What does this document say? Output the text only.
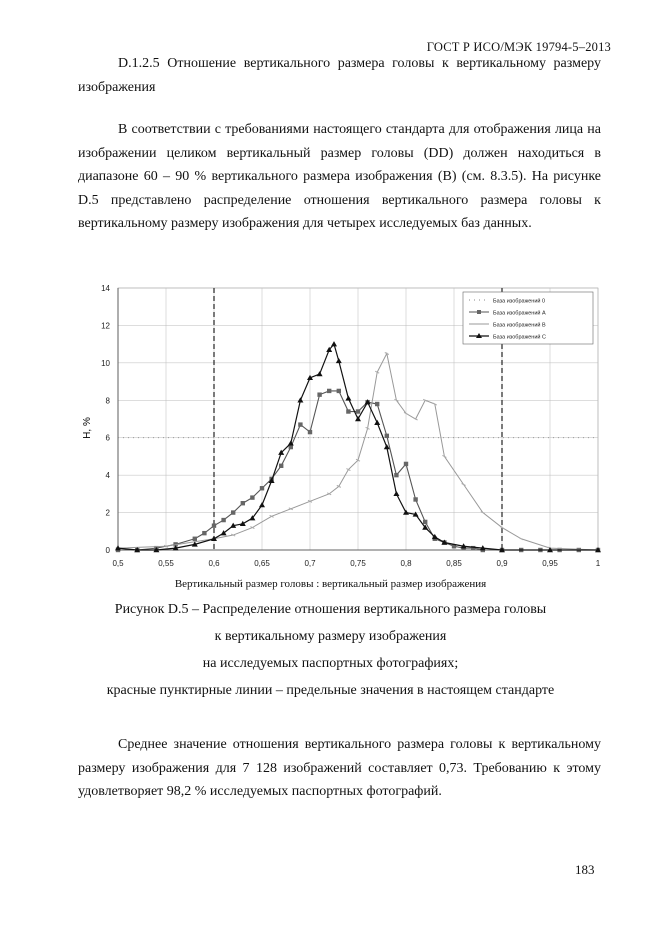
ГОСТ Р ИСО/МЭК 19794-5–2013
D.1.2.5 Отношение вертикального размера головы к вертикальному размеру изображения
В соответствии с требованиями настоящего стандарта для отображения лица на изображении целиком вертикальный размер головы (DD) должен находиться в диапазоне 60 – 90 % вертикального размера изображения (B) (см. 8.3.5). На рисунке D.5 представлено распределение отношения вертикального размера головы к вертикальному размеру изображения для четырех исследуемых баз данных.
0,5	0,55	0,6	0,65	0,7	0,75	0,8	0,85	0,9	0,95	1
0
2
4
6
8
10
12
14
База изображений 0
База изображений А
База изображений В
База изображений С
Н, %
Вертикальный размер головы : вертикальный размер изображения
Рисунок D.5 – Распределение отношения вертикального размера головы
к вертикальному размеру изображения
на исследуемых паспортных фотографиях;
красные пунктирные линии – предельные значения в настоящем стандарте
Среднее значение отношения вертикального размера головы к вертикальному размеру изображения для 7 128 изображений составляет 0,73. Требованию к этому удовлетворяет 98,2 % исследуемых паспортных фотографий.
183
